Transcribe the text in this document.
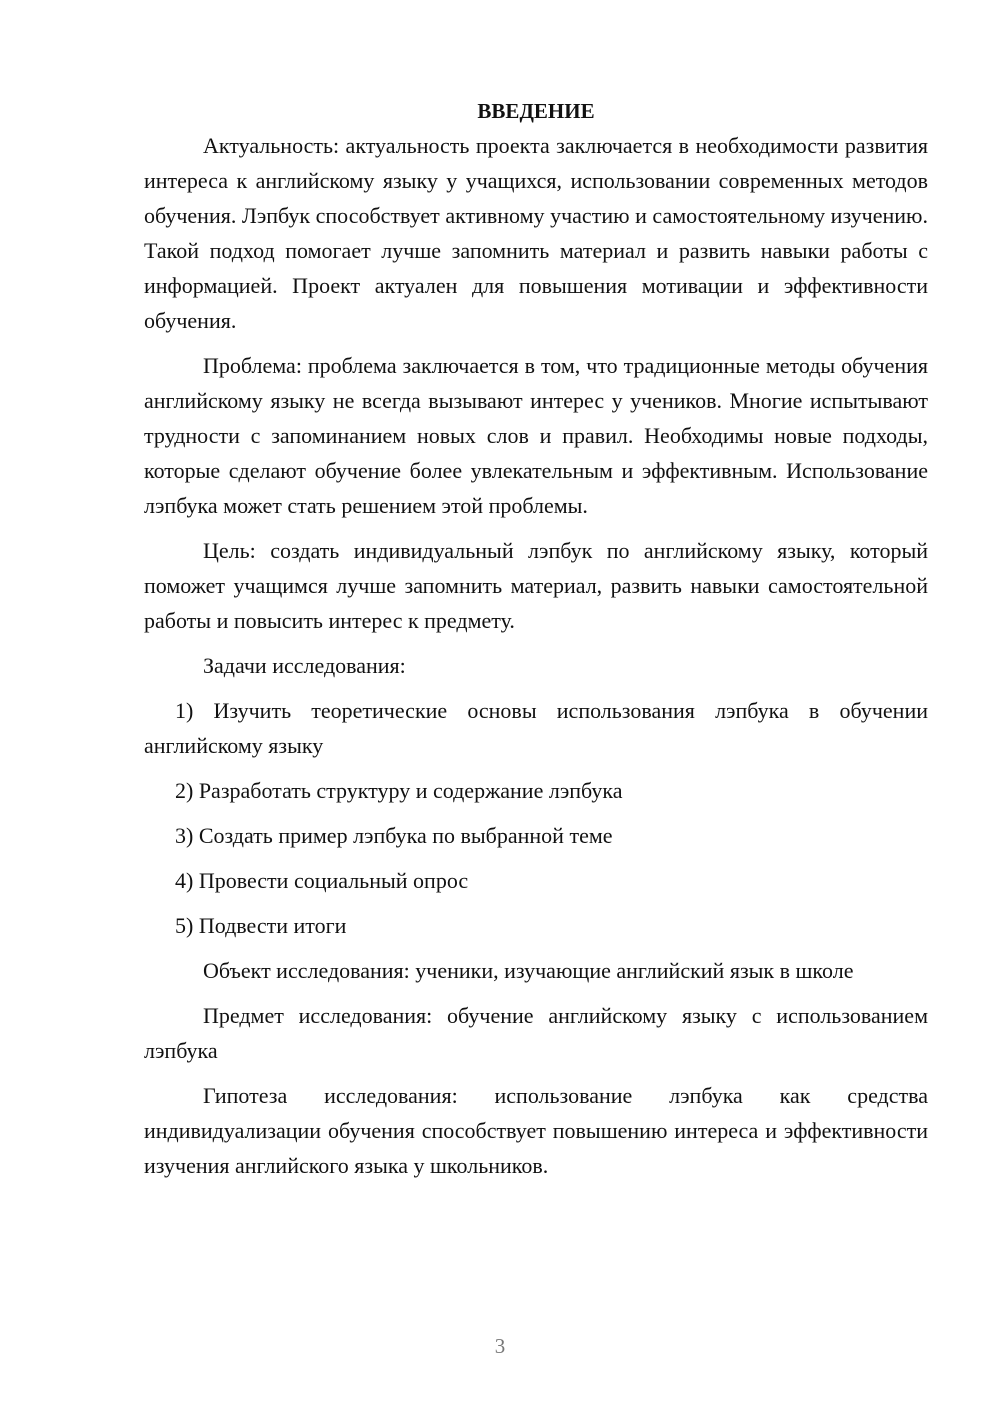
ВВЕДЕНИЕ

Актуальность: актуальность проекта заключается в необходимости развития интереса к английскому языку у учащихся, использовании современных методов обучения. Лэпбук способствует активному участию и самостоятельному изучению. Такой подход помогает лучше запомнить материал и развить навыки работы с информацией. Проект актуален для повышения мотивации и эффективности обучения.

Проблема: проблема заключается в том, что традиционные методы обучения английскому языку не всегда вызывают интерес у учеников. Многие испытывают трудности с запоминанием новых слов и правил. Необходимы новые подходы, которые сделают обучение более увлекательным и эффективным. Использование лэпбука может стать решением этой проблемы.

Цель: создать индивидуальный лэпбук по английскому языку, который поможет учащимся лучше запомнить материал, развить навыки самостоятельной работы и повысить интерес к предмету.

Задачи исследования:

1) Изучить теоретические основы использования лэпбука в обучении английскому языку

2) Разработать структуру и содержание лэпбука

3) Создать пример лэпбука по выбранной теме

4) Провести социальный опрос

5) Подвести итоги

Объект исследования: ученики, изучающие английский язык в школе

Предмет исследования: обучение английскому языку с использованием лэпбука

Гипотеза исследования: использование лэпбука как средства индивидуализации обучения способствует повышению интереса и эффективности изучения английского языка у школьников.

3
